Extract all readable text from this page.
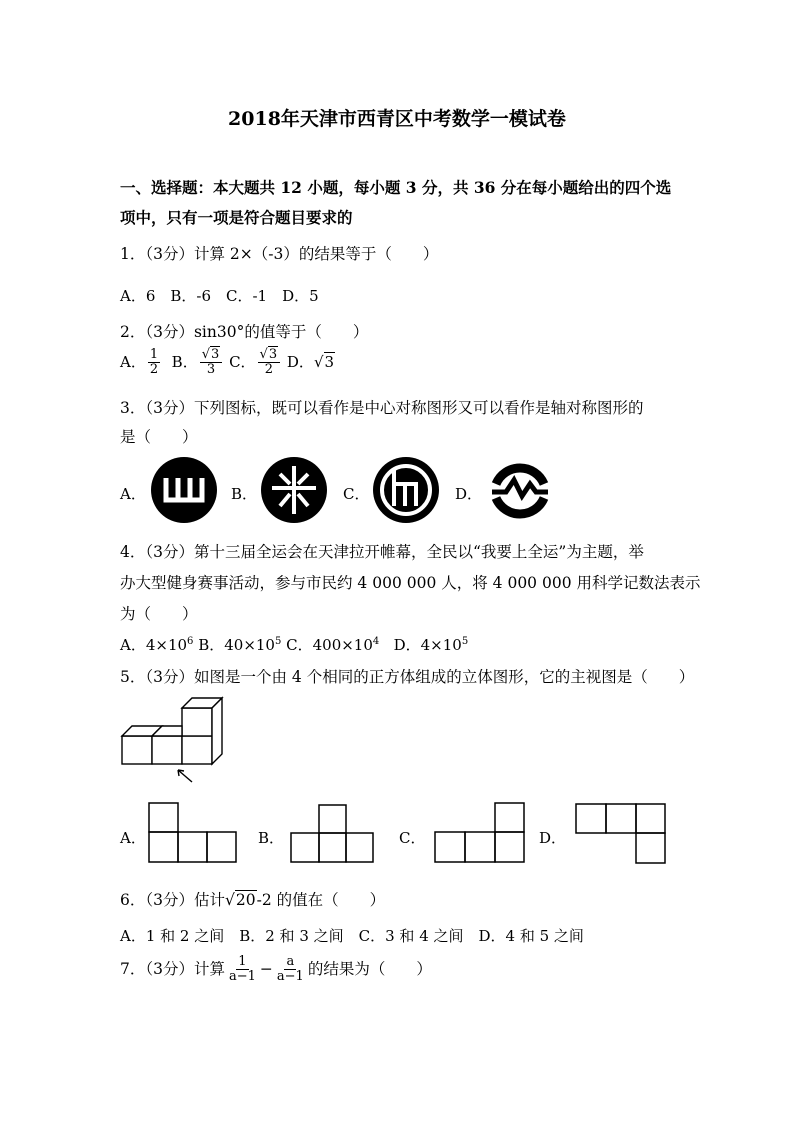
2018年天津市西青区中考数学一模试卷
一、选择题：本大题共 12 小题，每小题 3 分，共 36 分在每小题给出的四个选
项中，只有一项是符合题目要求的
1．（3分）计算 2×（-3）的结果等于（　　）
A．6　B．-6　C．-1　D．5
2．（3分）sin30°的值等于（　　）
A． $\frac{1}{2}$ B． $\frac{√3}{3}$ C． $\frac{√3}{2}$ D．√3
3．（3分）下列图标，既可以看作是中心对称图形又可以看作是轴对称图形的
是（　　）
A．	B．	C．	D．
4．（3分）第十三届全运会在天津拉开帷幕，全民以“我要上全运”为主题，举
办大型健身赛事活动，参与市民约 4 000 000 人，将 4 000 000 用科学记数法表示
为（　　）
A．$4\times 10^6$ B．$40\times 10^5$ C．$400\times 10^4$ D．$4\times 10^5$
5．（3分）如图是一个由 4 个相同的正方体组成的立体图形，它的主视图是（　　）
A．	B．	C．	D．
6．（3分）估计√20-2 的值在（　　）
A．1 和 2 之间　B．2 和 3 之间　C．3 和 4 之间　D．4 和 5 之间
7．（3分）计算 $\frac{1}{a-1} - \frac{a}{a-1}$ 的结果为（　　）
